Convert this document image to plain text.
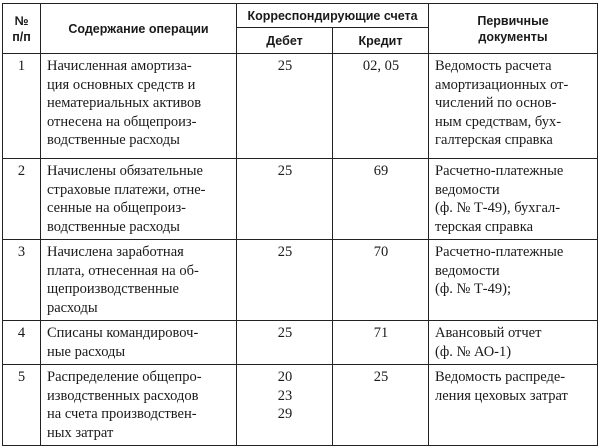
№
п/п	Содержание операции	Корреспондирующие счета		Первичные
документы
		Дебет	Кредит	

1	Начисленная амортиза-
ция основных средств и
нематериальных активов
отнесена на общепроиз-
водственные расходы	25	02, 05	Ведомость расчета
амортизационных от-
числений по основ-
ным средствам, бух-
галтерская справка

2	Начислены обязательные
страховые платежи, отне-
сенные на общепроиз-
водственные расходы	25	69	Расчетно-платежные
ведомости
(ф. № Т-49), бухгал-
терская справка

3	Начислена заработная
плата, отнесенная на об-
щепроизводственные
расходы	25	70	Расчетно-платежные
ведомости
(ф. № Т-49);

4	Списаны командировоч-
ные расходы	25	71	Авансовый отчет
(ф. № АО-1)

5	Распределение общепро-
изводственных расходов
на счета производствен-
ных затрат	20
23
29	25	Ведомость распреде-
ления цеховых затрат
